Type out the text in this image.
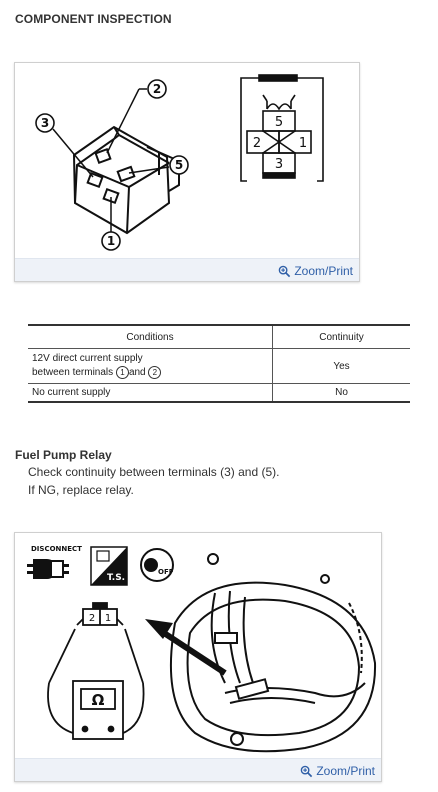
COMPONENT INSPECTION
2
3
5
1
5
2	1
3
Zoom/Print
Conditions	Continuity
12V direct current supply
between terminals 1 and 2	Yes
No current supply	No
Fuel Pump Relay
Check continuity between terminals (3) and (5).
If NG, replace relay.
DISCONNECT
T.S.
OFF
2 1
Ω
Zoom/Print
